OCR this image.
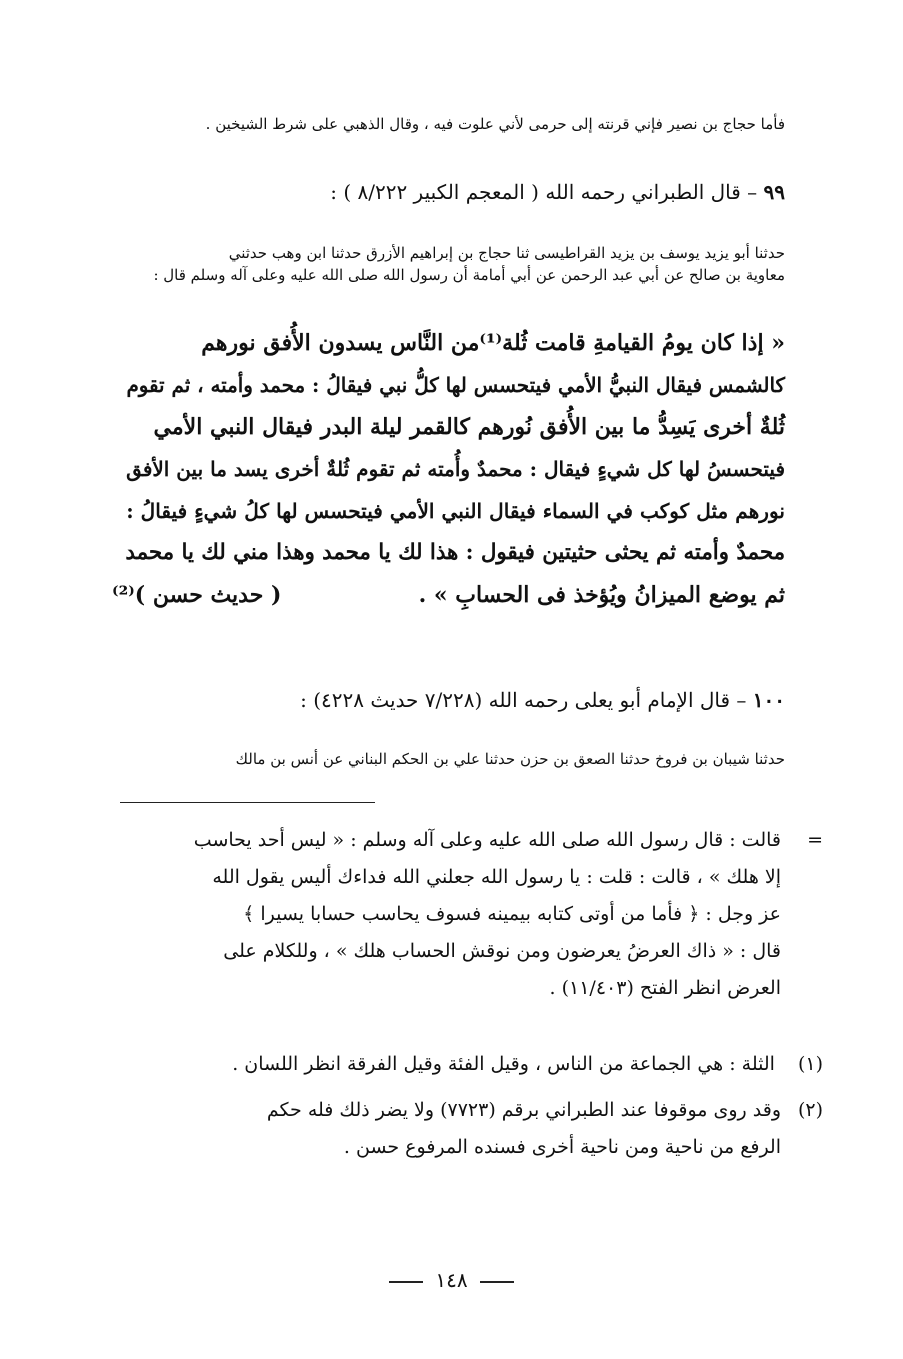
فأما حجاج بن نصير فإني قرنته إلى حرمى لأني علوت فيه ، وقال الذهبي على شرط الشيخين .
٩٩ – قال الطبراني رحمه الله ( المعجم الكبير ٨/٢٢٢ ) :
حدثنا أبو يزيد يوسف بن يزيد القراطيسى ثنا حجاج بن إبراهيم الأزرق حدثنا ابن وهب حدثني
معاوية بن صالح عن أبي عبد الرحمن عن أبي أمامة أن رسول الله صلى الله عليه وعلى آله وسلم قال :
« إذا كان يومُ القيامةِ قامت ثُلة⁽¹⁾من النَّاس يسدون الأُفق نورهم
كالشمس فيقال النبيُّ الأمي فيتحسس لها كلُّ نبي فيقالُ : محمد وأمته ، ثم تقوم
ثُلةٌ أخرى يَسِدُّ ما بين الأُفق نُورهم كالقمر ليلة البدر فيقال النبي الأمي
فيتحسسُ لها كل شيءٍ فيقال : محمدٌ وأُمته ثم تقوم ثُلةٌ أخرى يسد ما بين الأفق
نورهم مثل كوكب في السماء فيقال النبي الأمي فيتحسس لها كلُ شيءٍ فيقالُ :
محمدٌ وأمته ثم يحثى حثيتين فيقول : هذا لك يا محمد وهذا مني لك يا محمد
ثم يوضع الميزانُ ويُؤخذ فى الحسابِ » .
( حديث حسن )⁽²⁾
١٠٠ – قال الإمام أبو يعلى رحمه الله (٧/٢٢٨ حديث ٤٢٢٨) :
حدثنا شيبان بن فروخ حدثنا الصعق بن حزن حدثنا علي بن الحكم البناني عن أنس بن مالك
=
قالت : قال رسول الله صلى الله عليه وعلى آله وسلم : « ليس أحد يحاسب
إلا هلك » ، قالت : قلت : يا رسول الله جعلني الله فداءك أليس يقول الله
عز وجل : ﴿ فأما من أوتى كتابه بيمينه فسوف يحاسب حسابا يسيرا ﴾
قال : « ذاك العرضُ يعرضون ومن نوقش الحساب هلك » ، وللكلام على
العرض انظر الفتح (١١/٤٠٣) .
(١) الثلة : هي الجماعة من الناس ، وقيل الفئة وقيل الفرقة انظر اللسان .
(٢)
وقد روى موقوفا عند الطبراني برقم (٧٧٢٣) ولا يضر ذلك فله حكم
الرفع من ناحية ومن ناحية أخرى فسنده المرفوع حسن .
١٤٨
